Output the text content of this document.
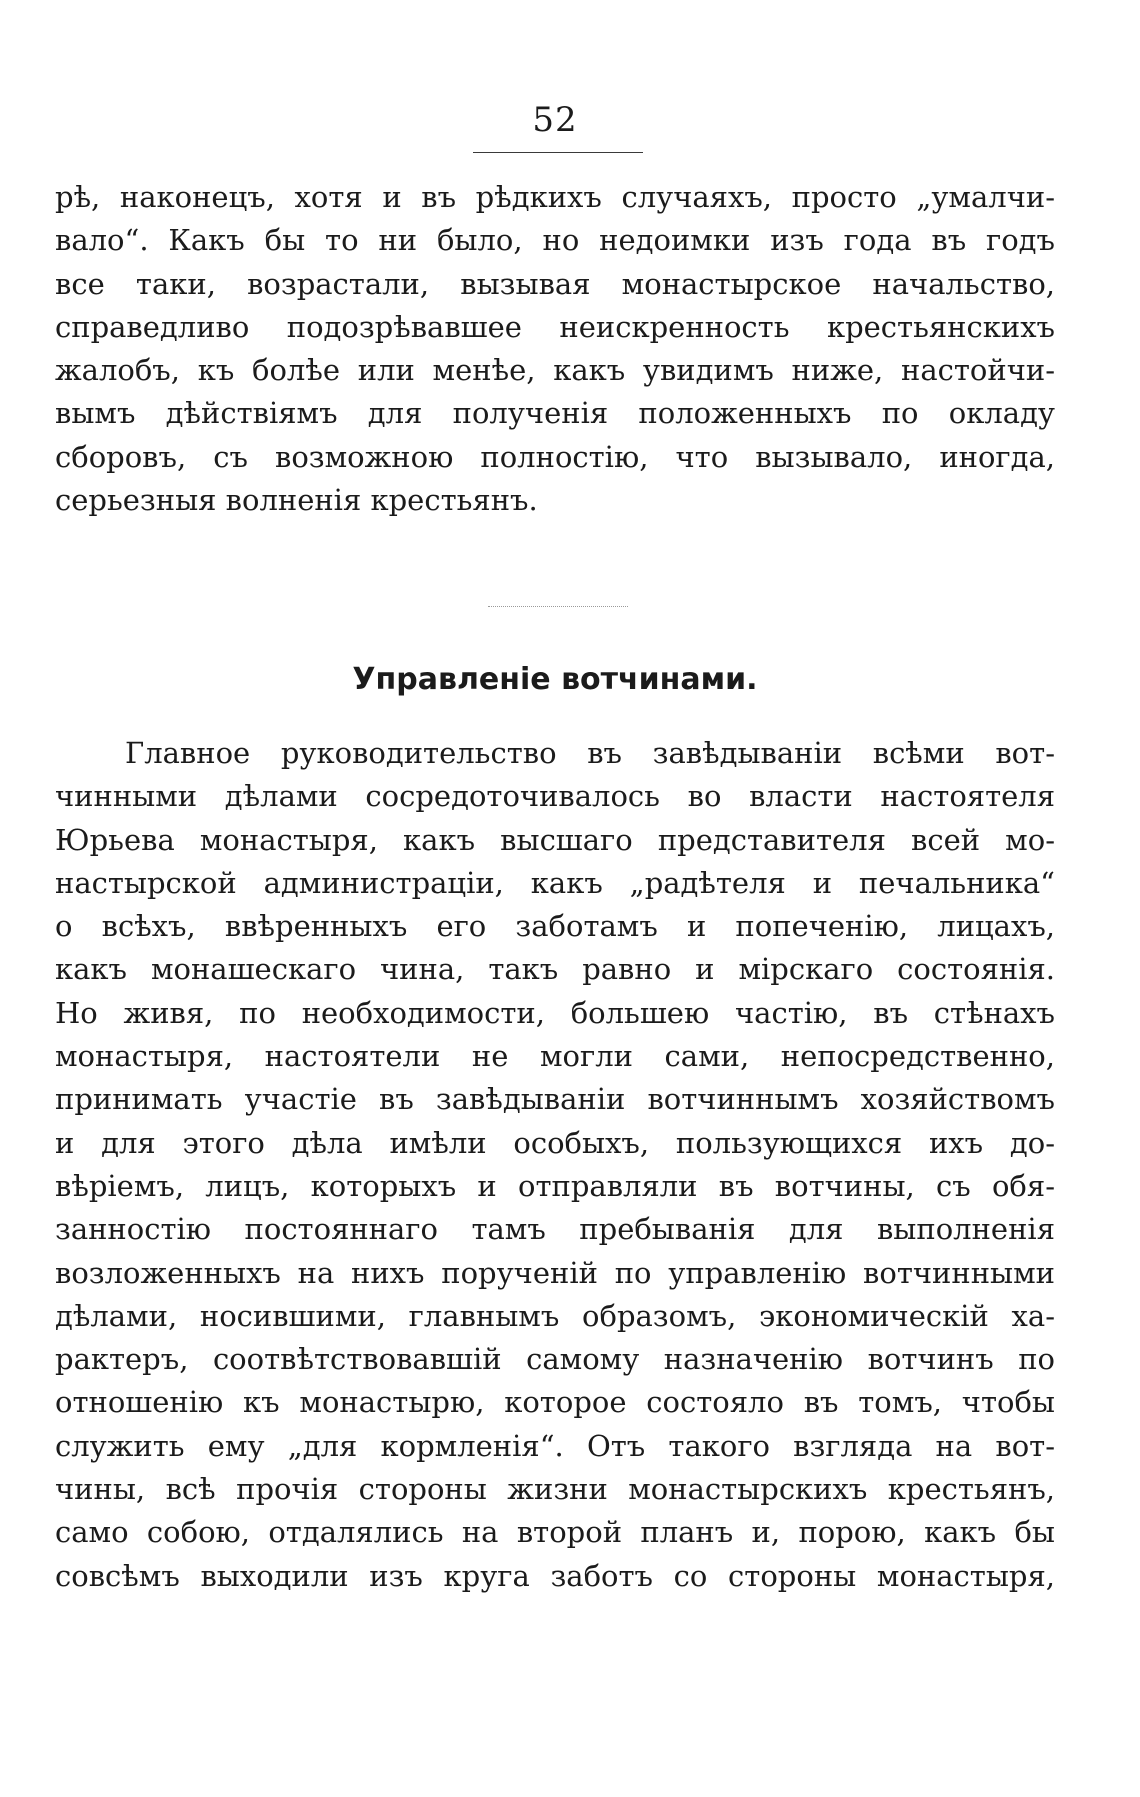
52
рѣ, наконецъ, хотя и въ рѣдкихъ случаяхъ, просто „умалчи-
вало“. Какъ бы то ни было, но недоимки изъ года въ годъ
все таки, возрастали, вызывая монастырское начальство,
справедливо подозрѣвавшее неискренность крестьянскихъ
жалобъ, къ болѣе или менѣе, какъ увидимъ ниже, настойчи-
вымъ дѣйствіямъ для полученія положенныхъ по окладу
сборовъ, съ возможною полностію, что вызывало, иногда,
серьезныя волненія крестьянъ.
Управленіе вотчинами.
Главное руководительство въ завѣдываніи всѣми вот-
чинными дѣлами сосредоточивалось во власти настоятеля
Юрьева монастыря, какъ высшаго представителя всей мо-
настырской администраціи, какъ „радѣтеля и печальника“
о всѣхъ, ввѣренныхъ его заботамъ и попеченію, лицахъ,
какъ монашескаго чина, такъ равно и мірскаго состоянія.
Но живя, по необходимости, большею частію, въ стѣнахъ
монастыря, настоятели не могли сами, непосредственно,
принимать участіе въ завѣдываніи вотчиннымъ хозяйствомъ
и для этого дѣла имѣли особыхъ, пользующихся ихъ до-
вѣріемъ, лицъ, которыхъ и отправляли въ вотчины, съ обя-
занностію постояннаго тамъ пребыванія для выполненія
возложенныхъ на нихъ порученій по управленію вотчинными
дѣлами, носившими, главнымъ образомъ, экономическій ха-
рактеръ, соотвѣтствовавшій самому назначенію вотчинъ по
отношенію къ монастырю, которое состояло въ томъ, чтобы
служить ему „для кормленія“. Отъ такого взгляда на вот-
чины, всѣ прочія стороны жизни монастырскихъ крестьянъ,
само собою, отдалялись на второй планъ и, порою, какъ бы
совсѣмъ выходили изъ круга заботъ со стороны монастыря,
